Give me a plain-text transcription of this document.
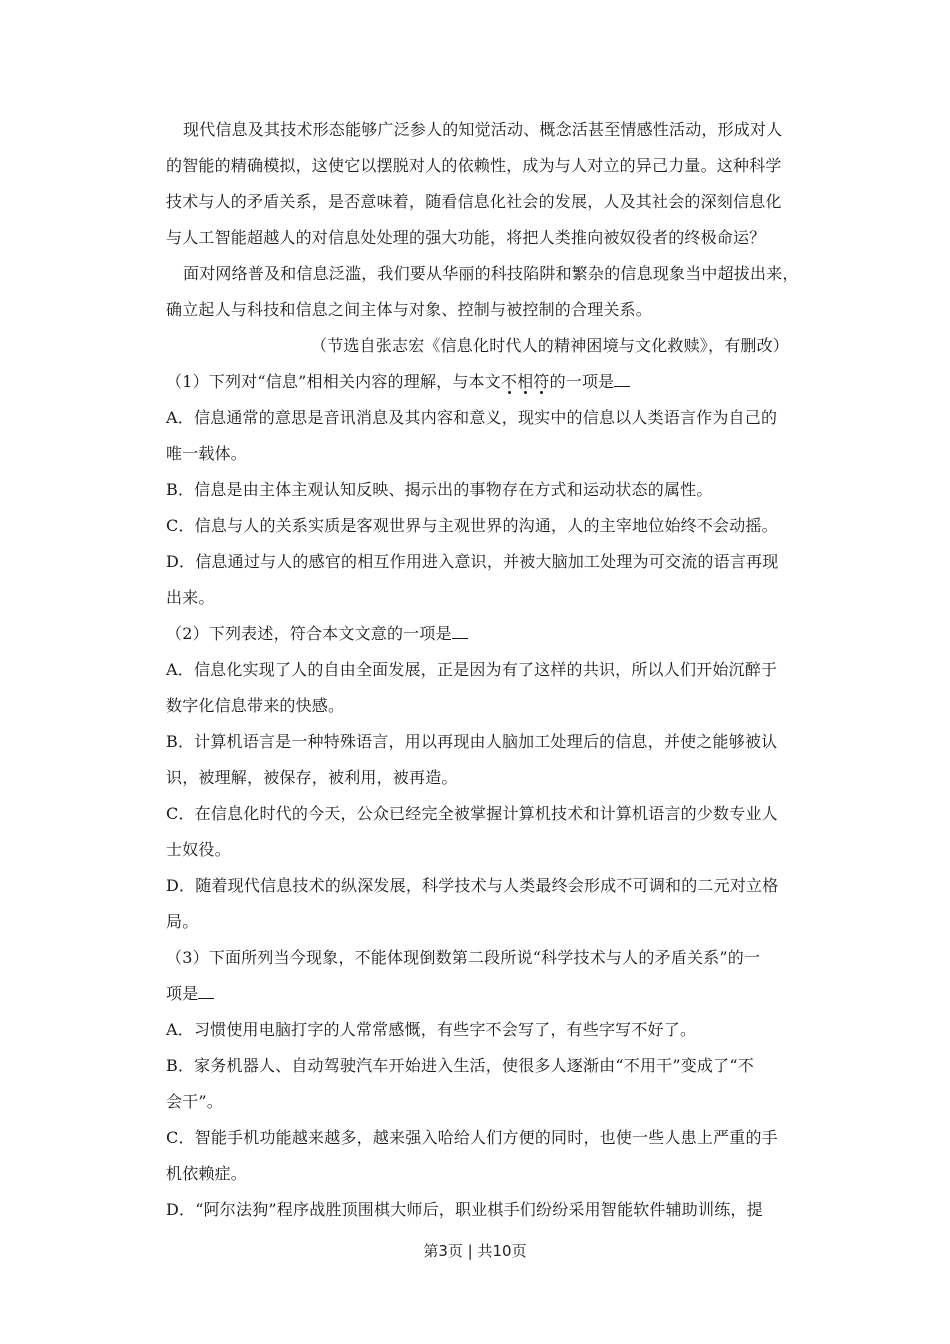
现代信息及其技术形态能够广泛参人的知觉活动、概念活甚至情感性活动，形成对人
的智能的精确模拟，这使它以摆脱对人的依赖性，成为与人对立的异己力量。这种科学
技术与人的矛盾关系，是否意味着，随看信息化社会的发展，人及其社会的深刻信息化
与人工智能超越人的对信息处处理的强大功能，将把人类推向被奴役者的终极命运？
面对网络普及和信息泛滥，我们要从华丽的科技陷阱和繁杂的信息现象当中超拔出来，
确立起人与科技和信息之间主体与对象、控制与被控制的合理关系。
（节选自张志宏《信息化时代人的精神困境与文化救赎》，有删改）
（1）下列对“信息”相相关内容的理解，与本文不相符的一项是
A．信息通常的意思是音讯消息及其内容和意义，现实中的信息以人类语言作为自己的
唯一载体。
B．信息是由主体主观认知反映、揭示出的事物存在方式和运动状态的属性。
C．信息与人的关系实质是客观世界与主观世界的沟通，人的主宰地位始终不会动摇。
D．信息通过与人的感官的相互作用进入意识，并被大脑加工处理为可交流的语言再现
出来。
（2）下列表述，符合本文文意的一项是
A．信息化实现了人的自由全面发展，正是因为有了这样的共识，所以人们开始沉醉于
数字化信息带来的快感。
B．计算机语言是一种特殊语言，用以再现由人脑加工处理后的信息，并使之能够被认
识，被理解，被保存，被利用，被再造。
C．在信息化时代的今天，公众已经完全被掌握计算机技术和计算机语言的少数专业人
士奴役。
D．随着现代信息技术的纵深发展，科学技术与人类最终会形成不可调和的二元对立格
局。
（3）下面所列当今现象，不能体现倒数第二段所说“科学技术与人的矛盾关系”的一
项是
A．习惯使用电脑打字的人常常感慨，有些字不会写了，有些字写不好了。
B．家务机器人、自动驾驶汽车开始进入生活，使很多人逐渐由“不用干”变成了“不
会干”。
C．智能手机功能越来越多，越来强入哈给人们方便的同时，也使一些人患上严重的手
机依赖症。
D．“阿尔法狗”程序战胜顶围棋大师后，职业棋手们纷纷采用智能软件辅助训练，提
第3页 | 共10页
